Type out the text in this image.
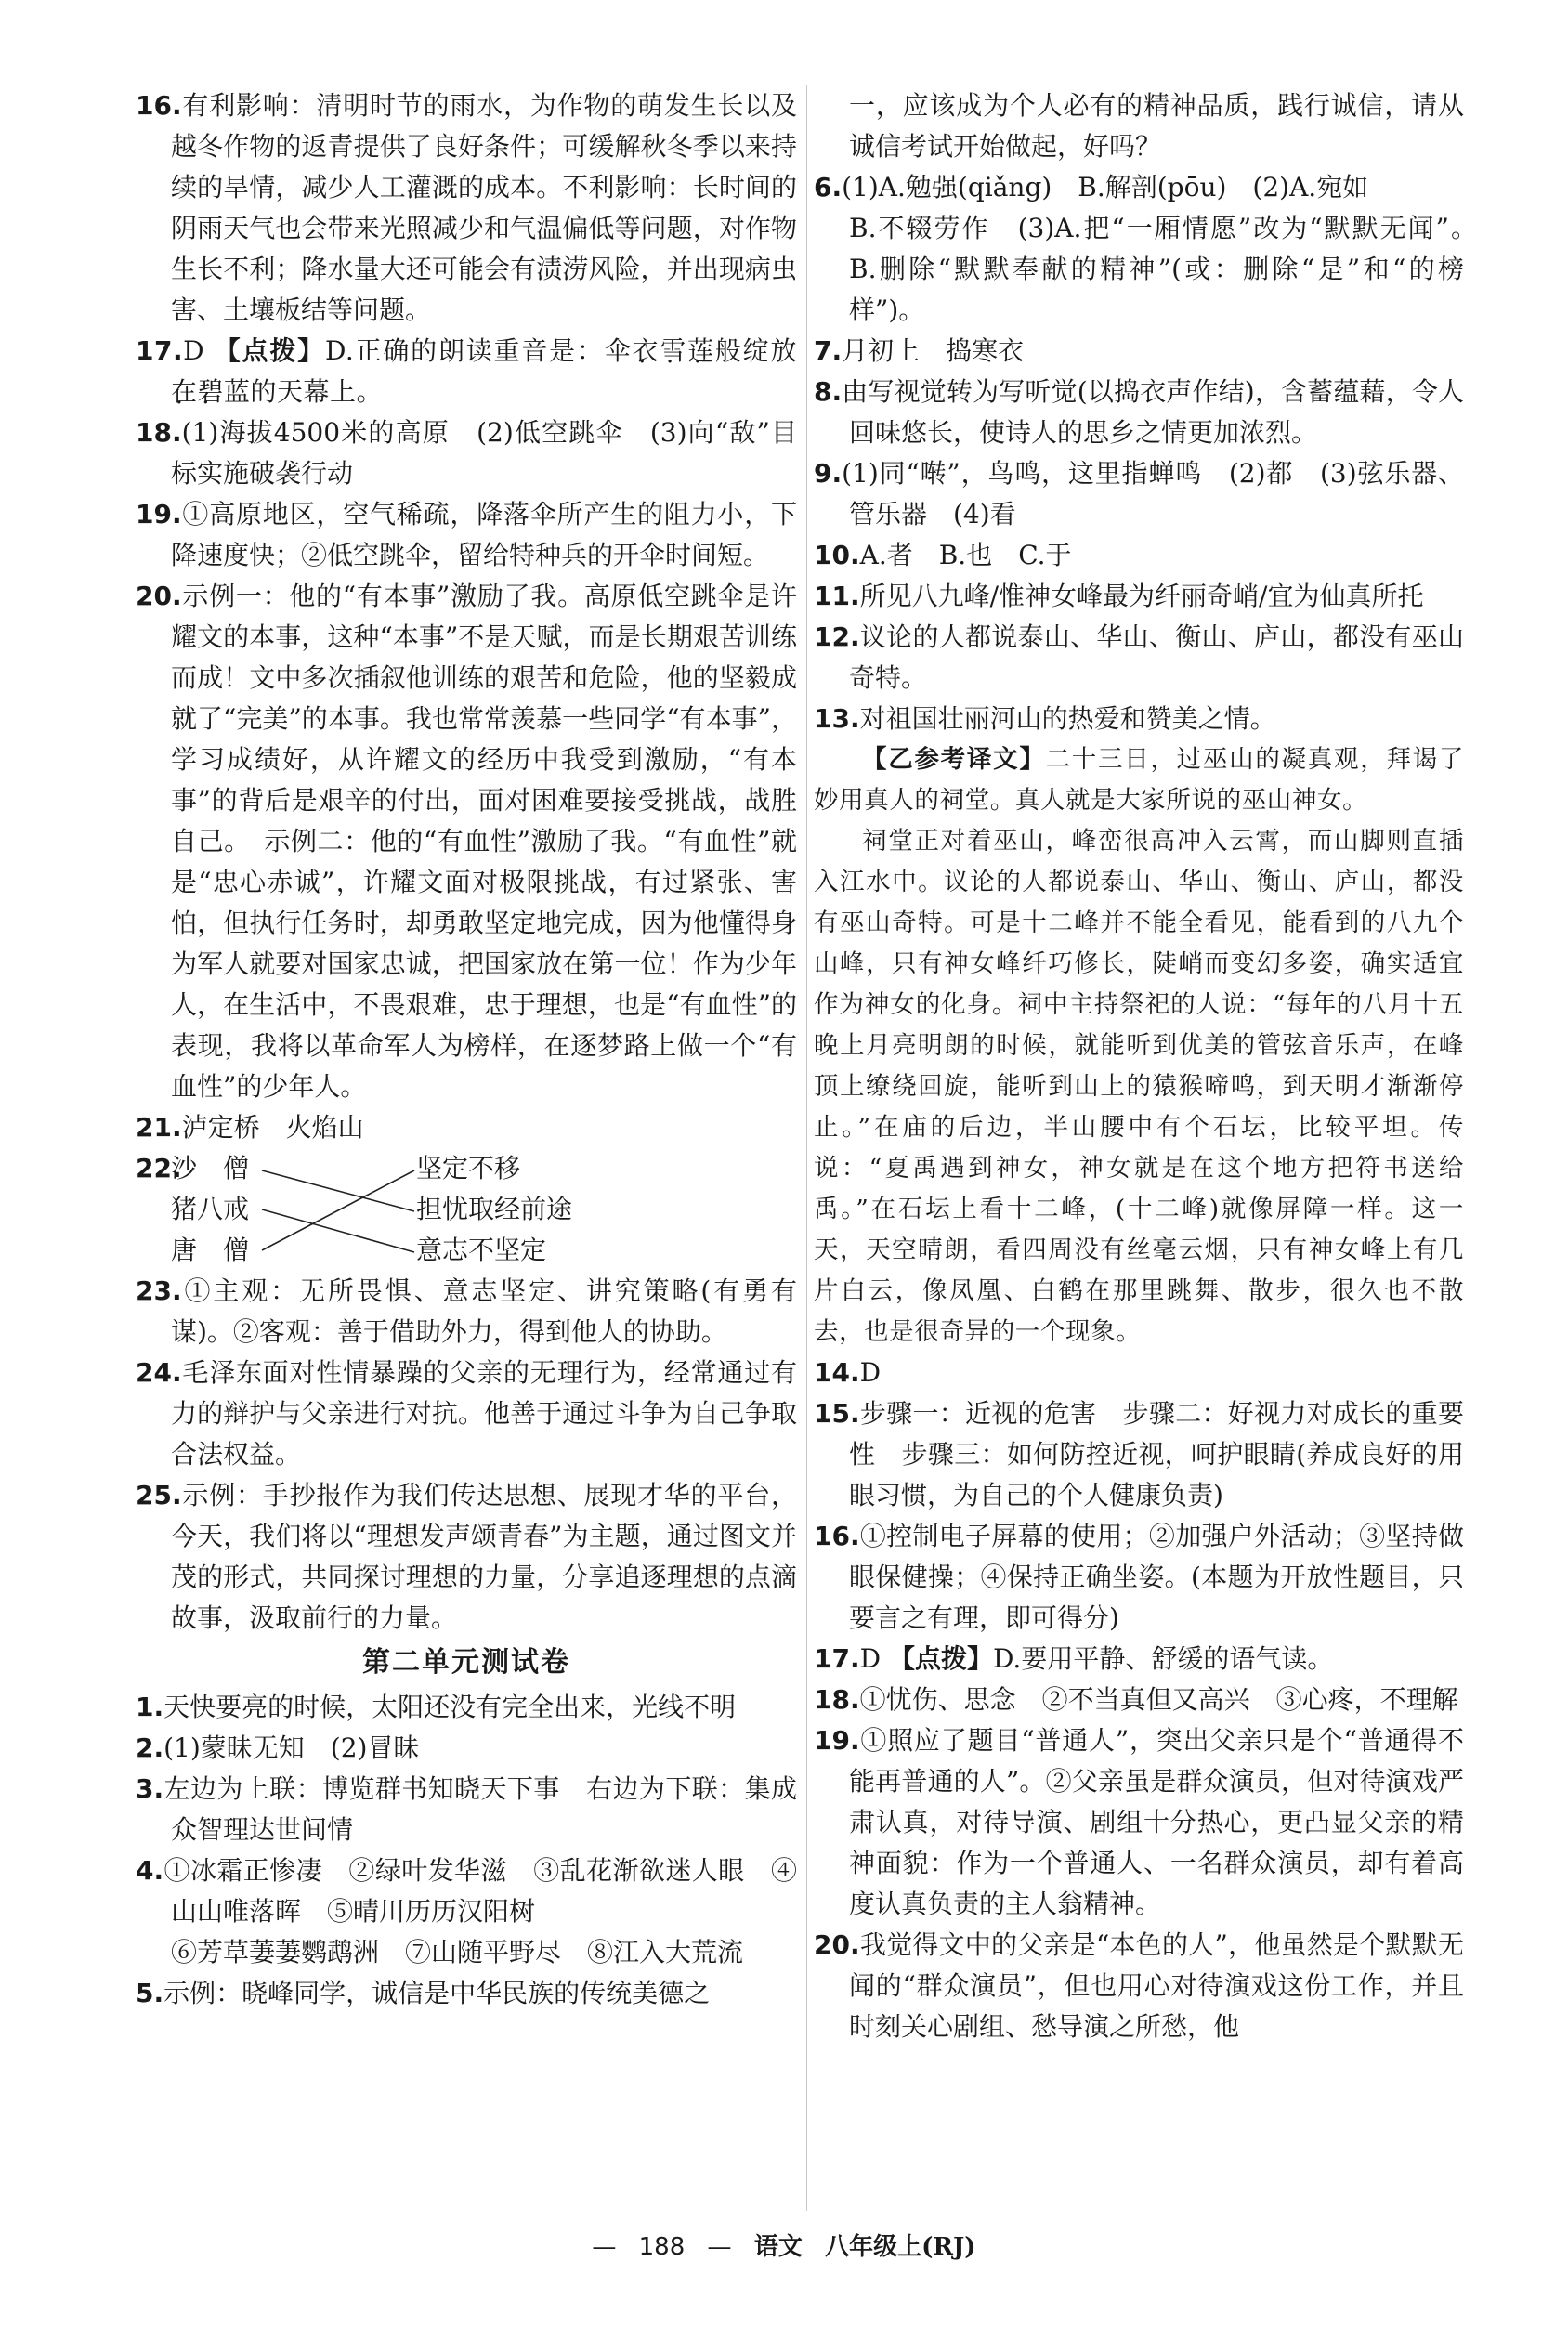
16.有利影响：清明时节的雨水，为作物的萌发生长以及越冬作物的返青提供了良好条件；可缓解秋冬季以来持续的旱情，减少人工灌溉的成本。不利影响：长时间的阴雨天气也会带来光照减少和气温偏低等问题，对作物生长不利；降水量大还可能会有渍涝风险，并出现病虫害、土壤板结等问题。

17.D 【点拨】D.正确的朗读重音是：伞衣雪莲般绽放在碧蓝的天幕上。

18.(1)海拔4500米的高原　(2)低空跳伞　(3)向“敌”目标实施破袭行动

19.①高原地区，空气稀疏，降落伞所产生的阻力小，下降速度快；②低空跳伞，留给特种兵的开伞时间短。

20.示例一：他的“有本事”激励了我。高原低空跳伞是许耀文的本事，这种“本事”不是天赋，而是长期艰苦训练而成！文中多次插叙他训练的艰苦和危险，他的坚毅成就了“完美”的本事。我也常常羡慕一些同学“有本事”，学习成绩好，从许耀文的经历中我受到激励，“有本事”的背后是艰辛的付出，面对困难要接受挑战，战胜自己。　示例二：他的“有血性”激励了我。“有血性”就是“忠心赤诚”，许耀文面对极限挑战，有过紧张、害怕，但执行任务时，却勇敢坚定地完成，因为他懂得身为军人就要对国家忠诚，把国家放在第一位！作为少年人，在生活中，不畏艰难，忠于理想，也是“有血性”的表现，我将以革命军人为榜样，在逐梦路上做一个“有血性”的少年人。

21.泸定桥　火焰山

22.
沙　僧
猪八戒
唐　僧
坚定不移
担忧取经前途
意志不坚定

23.①主观：无所畏惧、意志坚定、讲究策略(有勇有谋)。②客观：善于借助外力，得到他人的协助。

24.毛泽东面对性情暴躁的父亲的无理行为，经常通过有力的辩护与父亲进行对抗。他善于通过斗争为自己争取合法权益。

25.示例：手抄报作为我们传达思想、展现才华的平台，今天，我们将以“理想发声颂青春”为主题，通过图文并茂的形式，共同探讨理想的力量，分享追逐理想的点滴故事，汲取前行的力量。

第二单元测试卷

1.天快要亮的时候，太阳还没有完全出来，光线不明

2.(1)蒙昧无知　(2)冒昧

3.左边为上联：博览群书知晓天下事　右边为下联：集成众智理达世间情

4.①冰霜正惨凄　②绿叶发华滋　③乱花渐欲迷人眼　④山山唯落晖　⑤晴川历历汉阳树

⑥芳草萋萋鹦鹉洲　⑦山随平野尽　⑧江入大荒流

5.示例：晓峰同学，诚信是中华民族的传统美德之

一，应该成为个人必有的精神品质，践行诚信，请从诚信考试开始做起，好吗？

6.(1)A.勉强(qiǎng)　B.解剖(pōu)　(2)A.宛如

B.不辍劳作　(3)A.把“一厢情愿”改为“默默无闻”。　B.删除“默默奉献的精神”(或：删除“是”和“的榜样”)。

7.月初上　捣寒衣

8.由写视觉转为写听觉(以捣衣声作结)，含蓄蕴藉，令人回味悠长，使诗人的思乡之情更加浓烈。

9.(1)同“啭”，鸟鸣，这里指蝉鸣　(2)都　(3)弦乐器、管乐器　(4)看

10.A.者　B.也　C.于

11.所见八九峰/惟神女峰最为纤丽奇峭/宜为仙真所托

12.议论的人都说泰山、华山、衡山、庐山，都没有巫山奇特。

13.对祖国壮丽河山的热爱和赞美之情。

【乙参考译文】二十三日，过巫山的凝真观，拜谒了妙用真人的祠堂。真人就是大家所说的巫山神女。

祠堂正对着巫山，峰峦很高冲入云霄，而山脚则直插入江水中。议论的人都说泰山、华山、衡山、庐山，都没有巫山奇特。可是十二峰并不能全看见，能看到的八九个山峰，只有神女峰纤巧修长，陡峭而变幻多姿，确实适宜作为神女的化身。祠中主持祭祀的人说：“每年的八月十五晚上月亮明朗的时候，就能听到优美的管弦音乐声，在峰顶上缭绕回旋，能听到山上的猿猴啼鸣，到天明才渐渐停止。”在庙的后边，半山腰中有个石坛，比较平坦。传说：“夏禹遇到神女，神女就是在这个地方把符书送给禹。”在石坛上看十二峰，(十二峰)就像屏障一样。这一天，天空晴朗，看四周没有丝毫云烟，只有神女峰上有几片白云，像凤凰、白鹤在那里跳舞、散步，很久也不散去，也是很奇异的一个现象。

14.D

15.步骤一：近视的危害　步骤二：好视力对成长的重要性　步骤三：如何防控近视，呵护眼睛(养成良好的用眼习惯，为自己的个人健康负责)

16.①控制电子屏幕的使用；②加强户外活动；③坚持做眼保健操；④保持正确坐姿。(本题为开放性题目，只要言之有理，即可得分)

17.D 【点拨】D.要用平静、舒缓的语气读。

18.①忧伤、思念　②不当真但又高兴　③心疼，不理解

19.①照应了题目“普通人”，突出父亲只是个“普通得不能再普通的人”。②父亲虽是群众演员，但对待演戏严肃认真，对待导演、剧组十分热心，更凸显父亲的精神面貌：作为一个普通人、一名群众演员，却有着高度认真负责的主人翁精神。

20.我觉得文中的父亲是“本色的人”，他虽然是个默默无闻的“群众演员”，但也用心对待演戏这份工作，并且时刻关心剧组、愁导演之所愁，他

— 188 — 语文 八年级上(RJ)
